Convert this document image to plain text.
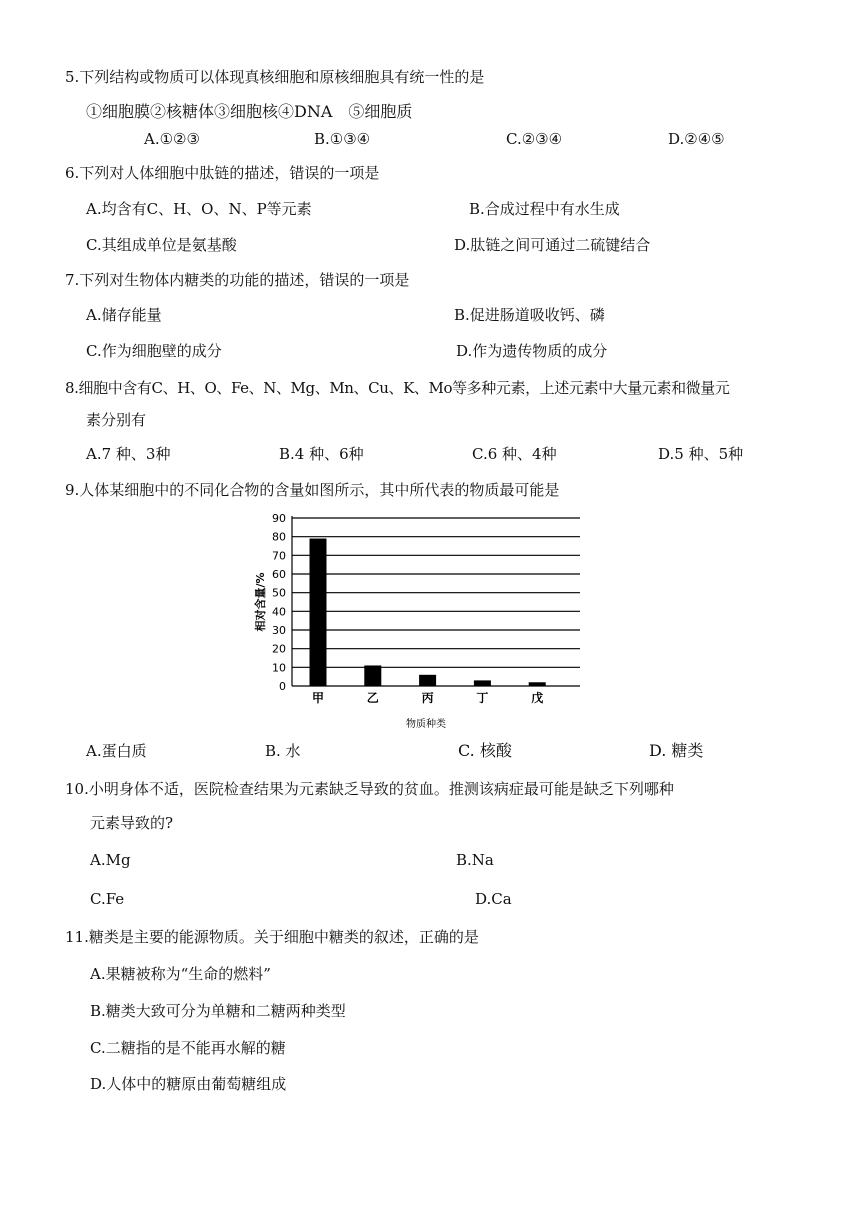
5.下列结构或物质可以体现真核细胞和原核细胞具有统一性的是
①细胞膜②核糖体③细胞核④DNA　⑤细胞质
A.①②③	B.①③④	C.②③④	D.②④⑤
6.下列对人体细胞中肽链的描述，错误的一项是
A.均含有C、H、O、N、P等元素	B.合成过程中有水生成
C.其组成单位是氨基酸	D.肽链之间可通过二硫键结合
7.下列对生物体内糖类的功能的描述，错误的一项是
A.储存能量	B.促进肠道吸收钙、磷
C.作为细胞壁的成分	D.作为遗传物质的成分
8.细胞中含有C、H、O、Fe、N、Mg、Mn、Cu、K、Mo等多种元素，上述元素中大量元素和微量元
素分别有
A.7 种、3种	B.4 种、6种	C.6 种、4种	D.5 种、5种
9.人体某细胞中的不同化合物的含量如图所示，其中所代表的物质最可能是
0
10
20
30
40
50
60
70
80
90
甲	乙	丙	丁	戊
物质种类
相对含量/%
A.蛋白质	B. 水	C. 核酸	D. 糖类
10.小明身体不适，医院检查结果为元素缺乏导致的贫血。推测该病症最可能是缺乏下列哪种
元素导致的?
A.Mg	B.Na
C.Fe	D.Ca
11.糖类是主要的能源物质。关于细胞中糖类的叙述，正确的是
A.果糖被称为“生命的燃料”
B.糖类大致可分为单糖和二糖两种类型
C.二糖指的是不能再水解的糖
D.人体中的糖原由葡萄糖组成
